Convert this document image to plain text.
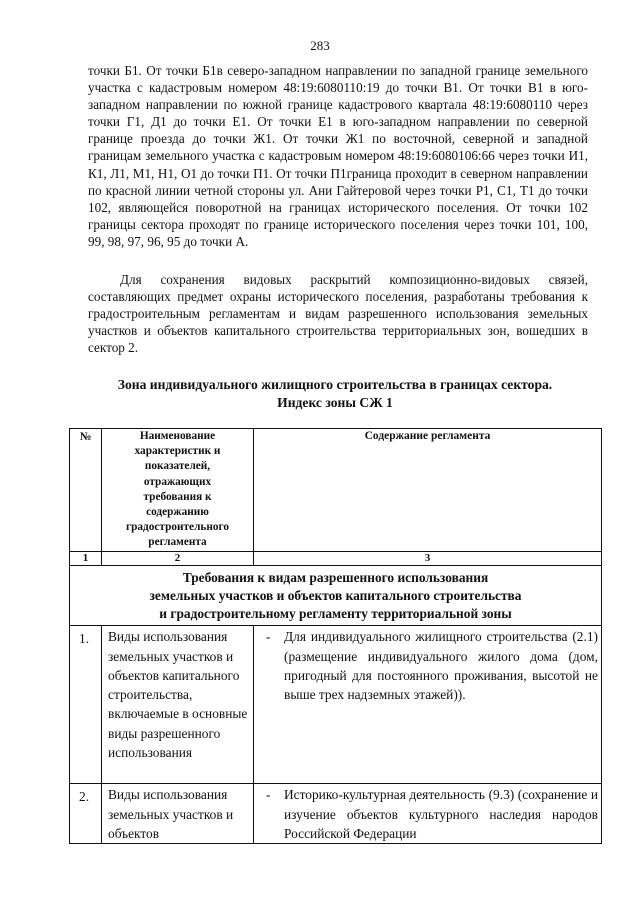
283

точки Б1. От точки Б1в северо-западном направлении по западной границе земельного участка с кадастровым номером 48:19:6080110:19 до точки В1. От точки В1 в юго-западном направлении по южной границе кадастрового квартала 48:19:6080110 через точки Г1, Д1 до точки Е1. От точки Е1 в юго-западном направлении по северной границе проезда до точки Ж1. От точки Ж1 по восточной, северной и западной границам земельного участка с кадастровым номером 48:19:6080106:66 через точки И1, К1, Л1, М1, Н1, О1 до точки П1. От точки П1граница проходит в северном направлении по красной линии четной стороны ул. Ани Гайтеровой через точки Р1, С1, Т1 до точки 102, являющейся поворотной на границах исторического поселения. От точки 102 границы сектора проходят по границе исторического поселения через точки 101, 100, 99, 98, 97, 96, 95 до точки А.

Для сохранения видовых раскрытий композиционно-видовых связей, составляющих предмет охраны исторического поселения, разработаны требования к градостроительным регламентам и видам разрешенного использования земельных участков и объектов капитального строительства территориальных зон, вошедших в сектор 2.

Зона индивидуального жилищного строительства в границах сектора.
Индекс зоны СЖ 1
№	Наименование характеристик и показателей, отражающих требования к содержанию градостроительного регламента	Содержание регламента
1	2	3

Требования к видам разрешенного использования
земельных участков и объектов капитального строительства
и градостроительному регламенту территориальной зоны		

1.	Виды использования земельных участков и объектов капитального строительства, включаемые в основные виды разрешенного использования	- Для индивидуального жилищного строительства (2.1) (размещение индивидуального жилого дома (дом, пригодный для постоянного проживания, высотой не выше трех надземных этажей)).

2.	Виды использования земельных участков и объектов	- Историко-культурная деятельность (9.3) (сохранение и изучение объектов культурного наследия народов Российской Федерации
